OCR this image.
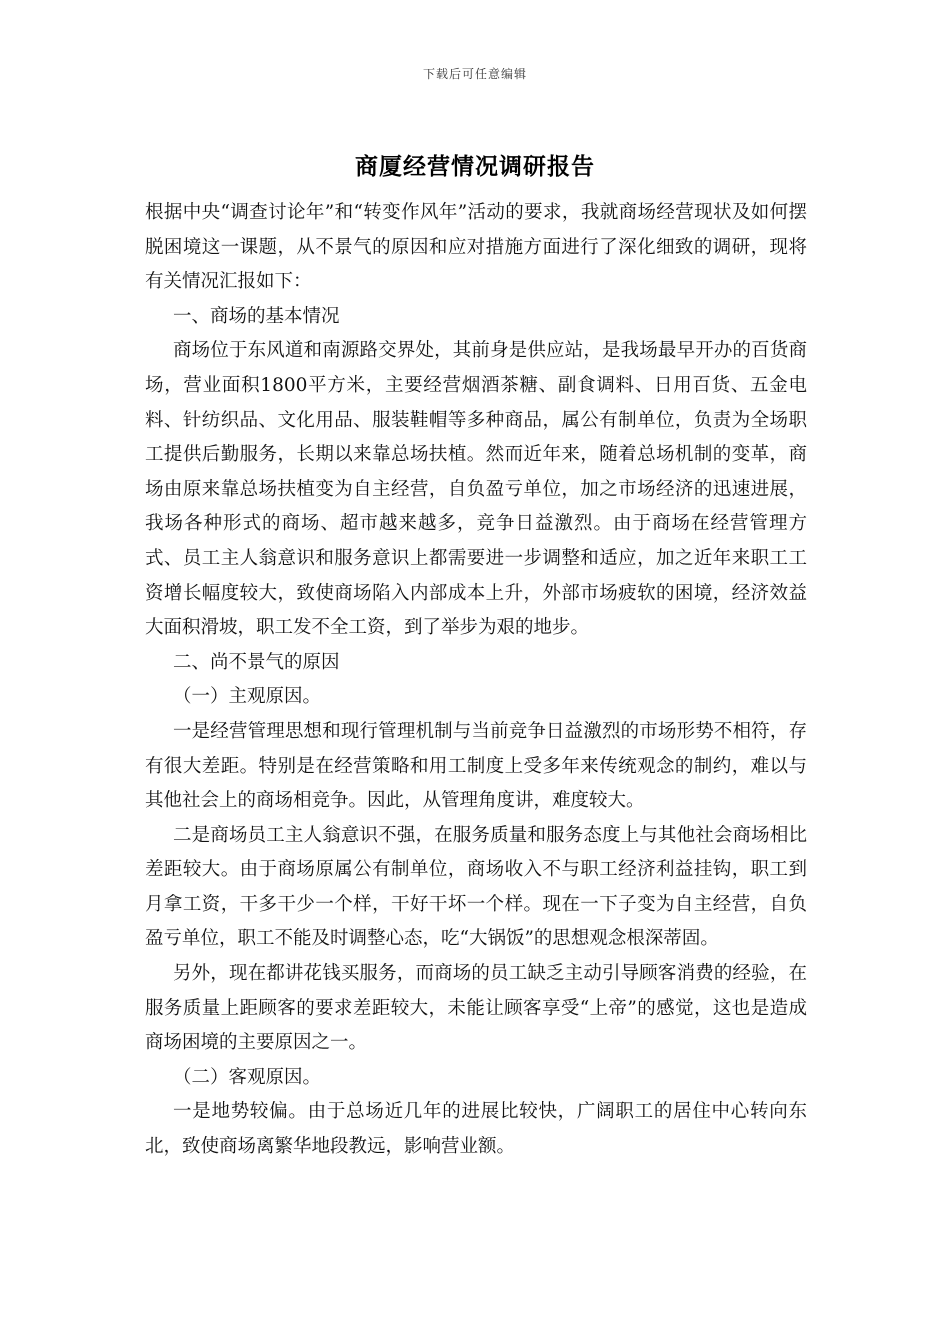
下载后可任意编辑
商厦经营情况调研报告

根据中央“调查讨论年”和“转变作风年”活动的要求，我就商场经营现状及如何摆脱困境这一课题，从不景气的原因和应对措施方面进行了深化细致的调研，现将有关情况汇报如下：

一、商场的基本情况

商场位于东风道和南源路交界处，其前身是供应站，是我场最早开办的百货商场，营业面积1800平方米，主要经营烟酒茶糖、副食调料、日用百货、五金电料、针纺织品、文化用品、服装鞋帽等多种商品，属公有制单位，负责为全场职工提供后勤服务，长期以来靠总场扶植。然而近年来，随着总场机制的变革，商场由原来靠总场扶植变为自主经营，自负盈亏单位，加之市场经济的迅速进展，我场各种形式的商场、超市越来越多，竞争日益激烈。由于商场在经营管理方式、员工主人翁意识和服务意识上都需要进一步调整和适应，加之近年来职工工资增长幅度较大，致使商场陷入内部成本上升，外部市场疲软的困境，经济效益大面积滑坡，职工发不全工资，到了举步为艰的地步。

二、尚不景气的原因

（一）主观原因。

一是经营管理思想和现行管理机制与当前竞争日益激烈的市场形势不相符，存有很大差距。特别是在经营策略和用工制度上受多年来传统观念的制约，难以与其他社会上的商场相竞争。因此，从管理角度讲，难度较大。

二是商场员工主人翁意识不强，在服务质量和服务态度上与其他社会商场相比差距较大。由于商场原属公有制单位，商场收入不与职工经济利益挂钩，职工到月拿工资，干多干少一个样，干好干坏一个样。现在一下子变为自主经营，自负盈亏单位，职工不能及时调整心态，吃“大锅饭”的思想观念根深蒂固。

另外，现在都讲花钱买服务，而商场的员工缺乏主动引导顾客消费的经验，在服务质量上距顾客的要求差距较大，未能让顾客享受“上帝”的感觉，这也是造成商场困境的主要原因之一。

（二）客观原因。

一是地势较偏。由于总场近几年的进展比较快，广阔职工的居住中心转向东北，致使商场离繁华地段教远，影响营业额。
